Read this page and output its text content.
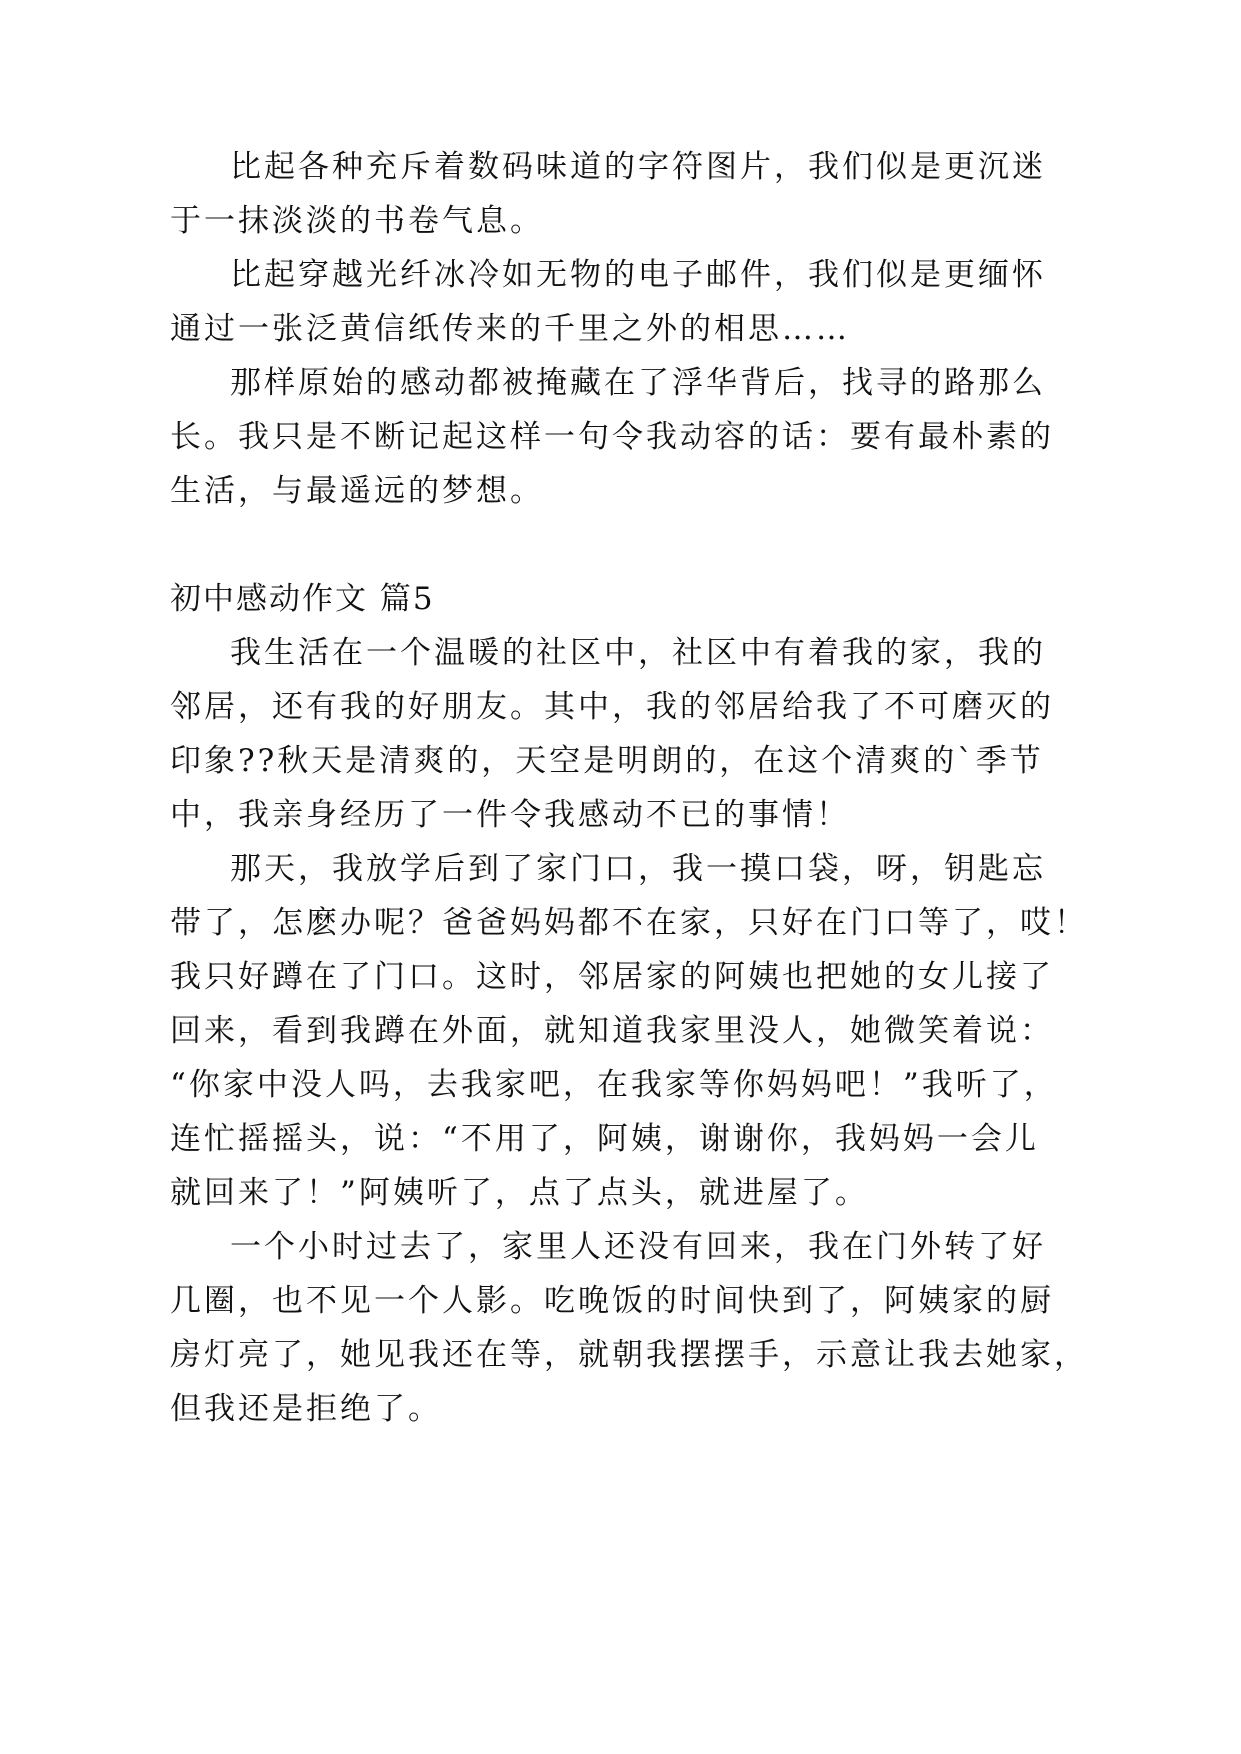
比起各种充斥着数码味道的字符图片，我们似是更沉迷

于一抹淡淡的书卷气息。

比起穿越光纤冰冷如无物的电子邮件，我们似是更缅怀

通过一张泛黄信纸传来的千里之外的相思……

那样原始的感动都被掩藏在了浮华背后，找寻的路那么

长。我只是不断记起这样一句令我动容的话：要有最朴素的

生活，与最遥远的梦想。

初中感动作文 篇5

我生活在一个温暖的社区中，社区中有着我的家，我的

邻居，还有我的好朋友。其中，我的邻居给我了不可磨灭的

印象??秋天是清爽的，天空是明朗的，在这个清爽的`季节

中，我亲身经历了一件令我感动不已的事情！

那天，我放学后到了家门口，我一摸口袋，呀，钥匙忘

带了，怎麽办呢？爸爸妈妈都不在家，只好在门口等了，哎！

我只好蹲在了门口。这时，邻居家的阿姨也把她的女儿接了

回来，看到我蹲在外面，就知道我家里没人，她微笑着说：

“你家中没人吗，去我家吧，在我家等你妈妈吧！”我听了，

连忙摇摇头，说：“不用了，阿姨，谢谢你，我妈妈一会儿

就回来了！”阿姨听了，点了点头，就进屋了。

一个小时过去了，家里人还没有回来，我在门外转了好

几圈，也不见一个人影。吃晚饭的时间快到了，阿姨家的厨

房灯亮了，她见我还在等，就朝我摆摆手，示意让我去她家，

但我还是拒绝了。
